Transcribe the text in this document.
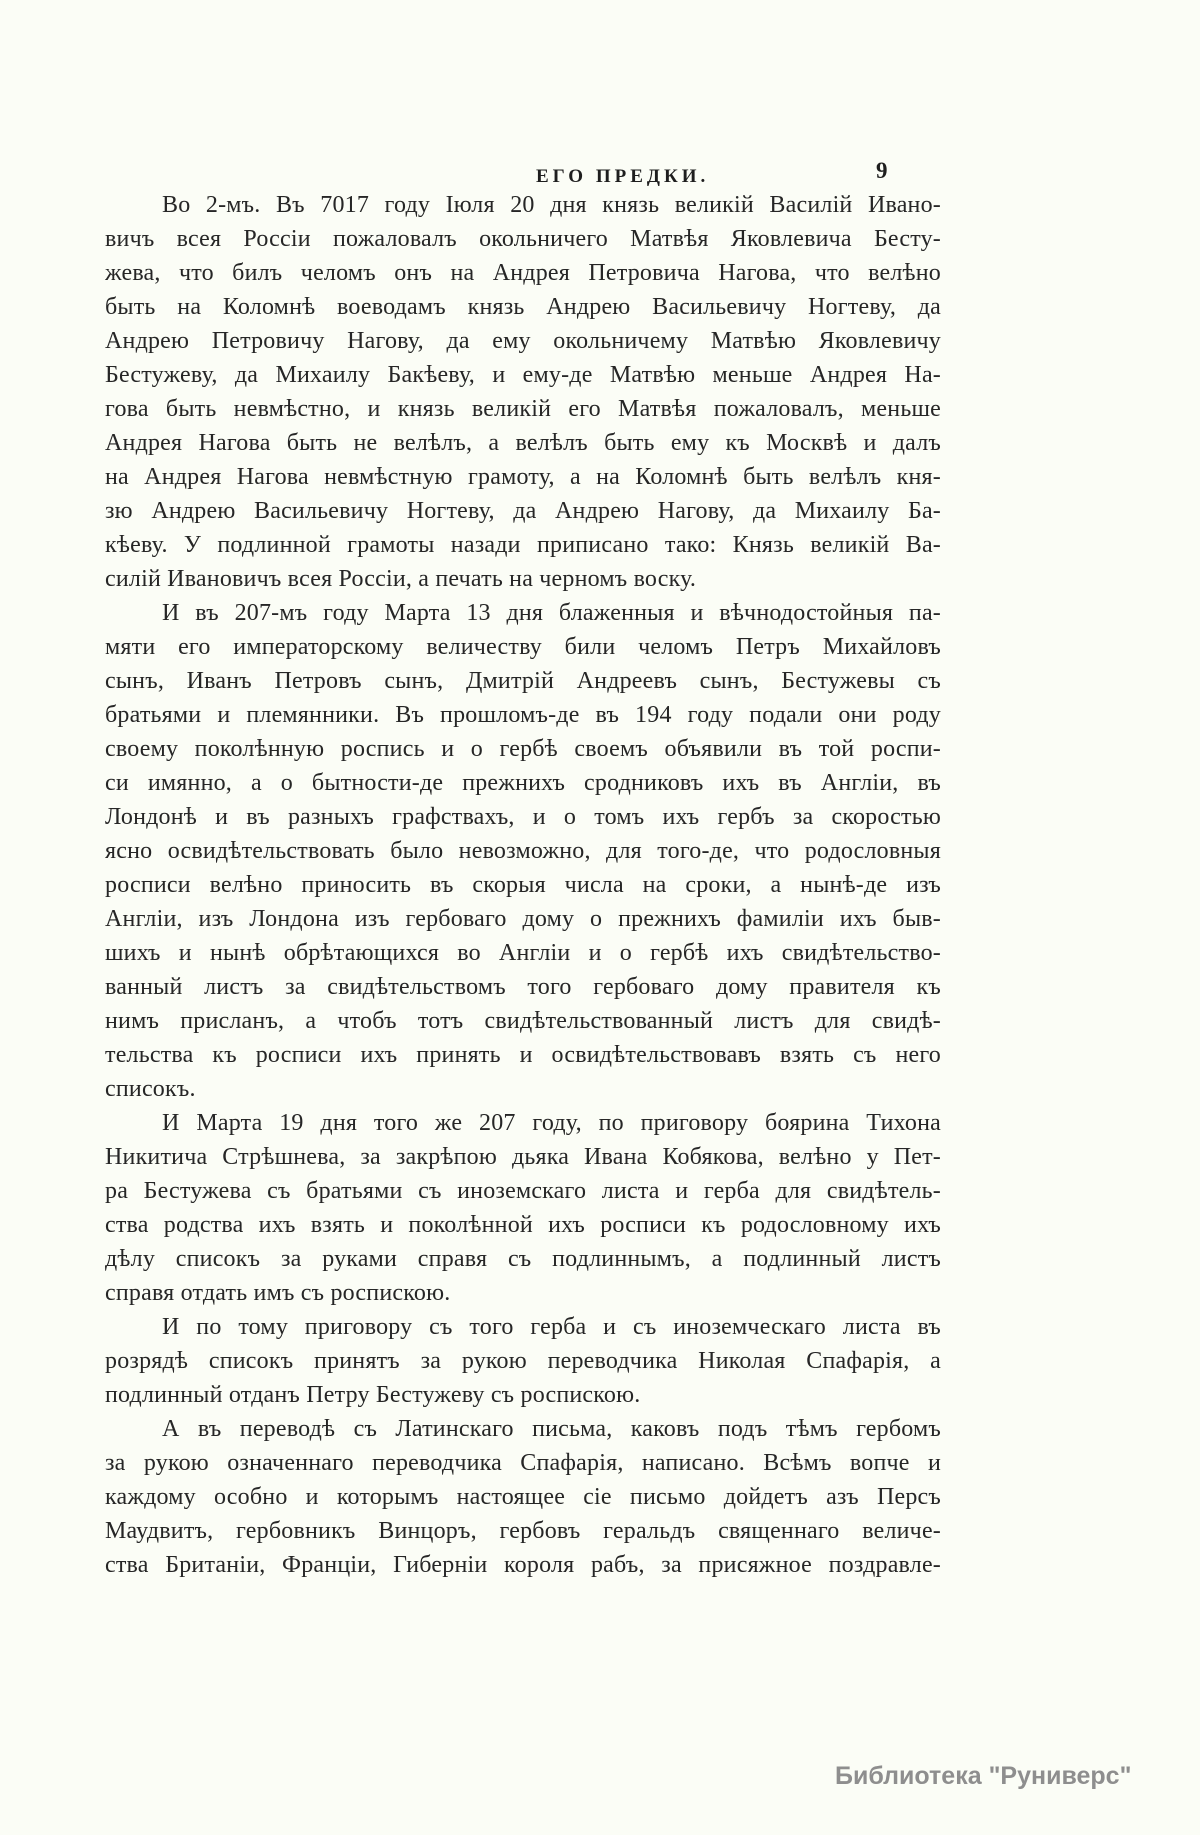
ЕГО ПРЕДКИ.	9
Во 2-мъ. Въ 7017 году Іюля 20 дня князь великій Василій Ивано-
вичъ всея Россіи пожаловалъ окольничего Матвѣя Яковлевича Бесту-
жева, что билъ челомъ онъ на Андрея Петровича Нагова, что велѣно
быть на Коломнѣ воеводамъ князь Андрею Васильевичу Ногтеву, да
Андрею Петровичу Нагову, да ему окольничему Матвѣю Яковлевичу
Бестужеву, да Михаилу Бакѣеву, и ему-де Матвѣю меньше Андрея На-
гова быть невмѣстно, и князь великій его Матвѣя пожаловалъ, меньше
Андрея Нагова быть не велѣлъ, а велѣлъ быть ему къ Москвѣ и далъ
на Андрея Нагова невмѣстную грамоту, а на Коломнѣ быть велѣлъ кня-
зю Андрею Васильевичу Ногтеву, да Андрею Нагову, да Михаилу Ба-
кѣеву. У подлинной грамоты назади приписано тако: Князь великій Ва-
силій Ивановичъ всея Россіи, а печать на черномъ воску.
И въ 207-мъ году Марта 13 дня блаженныя и вѣчнодостойныя па-
мяти его императорскому величеству били челомъ Петръ Михайловъ
сынъ, Иванъ Петровъ сынъ, Дмитрій Андреевъ сынъ, Бестужевы съ
братьями и племянники. Въ прошломъ-де въ 194 году подали они роду
своему поколѣнную роспись и о гербѣ своемъ объявили въ той роспи-
си имянно, а о бытности-де прежнихъ сродниковъ ихъ въ Англіи, въ
Лондонѣ и въ разныхъ графствахъ, и о томъ ихъ гербъ за скоростью
ясно освидѣтельствовать было невозможно, для того-де, что родословныя
росписи велѣно приносить въ скорыя числа на сроки, а нынѣ-де изъ
Англіи, изъ Лондона изъ гербоваго дому о прежнихъ фамиліи ихъ быв-
шихъ и нынѣ обрѣтающихся во Англіи и о гербѣ ихъ свидѣтельство-
ванный листъ за свидѣтельствомъ того гербоваго дому правителя къ
нимъ присланъ, а чтобъ тотъ свидѣтельствованный листъ для свидѣ-
тельства къ росписи ихъ принять и освидѣтельствовавъ взять съ него
списокъ.
И Марта 19 дня того же 207 году, по приговору боярина Тихона
Никитича Стрѣшнева, за закрѣпою дьяка Ивана Кобякова, велѣно у Пет-
ра Бестужева съ братьями съ иноземскаго листа и герба для свидѣтель-
ства родства ихъ взять и поколѣнной ихъ росписи къ родословному ихъ
дѣлу списокъ за руками справя съ подлиннымъ, а подлинный листъ
справя отдать имъ съ роспискою.
И по тому приговору съ того герба и съ иноземческаго листа въ
розрядѣ списокъ принятъ за рукою переводчика Николая Спафарія, а
подлинный отданъ Петру Бестужеву съ роспискою.
А въ переводѣ съ Латинскаго письма, каковъ подъ тѣмъ гербомъ
за рукою означеннаго переводчика Спафарія, написано. Всѣмъ вопче и
каждому особно и которымъ настоящее сіе письмо дойдетъ азъ Персъ
Маудвитъ, гербовникъ Винцоръ, гербовъ геральдъ священнаго величе-
ства Британіи, Франціи, Гиберніи короля рабъ, за присяжное поздравле-
Библиотека "Руниверс"
